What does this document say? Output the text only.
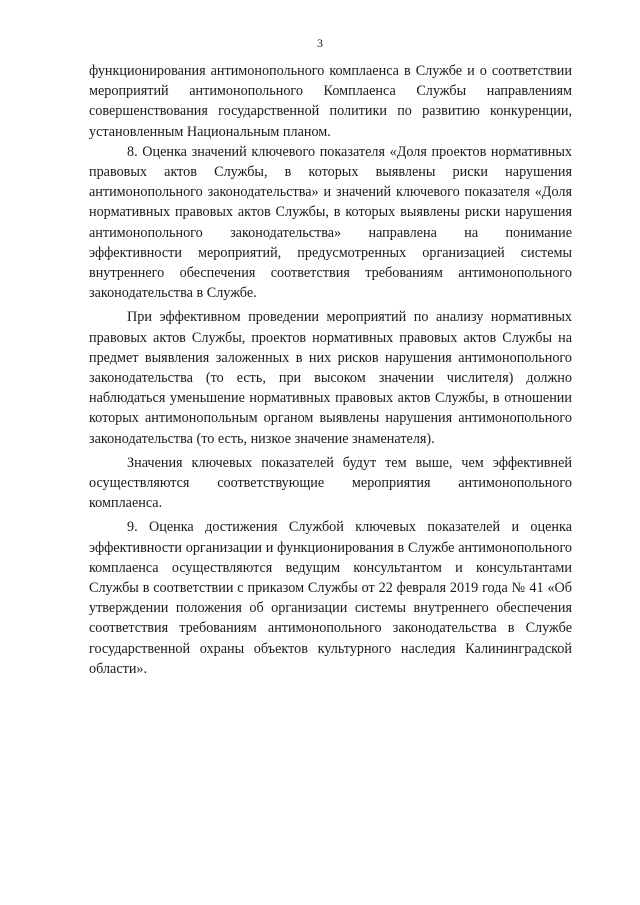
3

функционирования антимонопольного комплаенса в Службе и о соответствии мероприятий антимонопольного Комплаенса Службы направлениям совершенствования государственной политики по развитию конкуренции, установленным Национальным планом.

8. Оценка значений ключевого показателя «Доля проектов нормативных правовых актов Службы, в которых выявлены риски нарушения антимонопольного законодательства» и значений ключевого показателя «Доля нормативных правовых актов Службы, в которых выявлены риски нарушения антимонопольного законодательства» направлена на понимание эффективности мероприятий, предусмотренных организацией системы внутреннего обеспечения соответствия требованиям антимонопольного законодательства в Службе.

При эффективном проведении мероприятий по анализу нормативных правовых актов Службы, проектов нормативных правовых актов Службы на предмет выявления заложенных в них рисков нарушения антимонопольного законодательства (то есть, при высоком значении числителя) должно наблюдаться уменьшение нормативных правовых актов Службы, в отношении которых антимонопольным органом выявлены нарушения антимонопольного законодательства (то есть, низкое значение знаменателя).

Значения ключевых показателей будут тем выше, чем эффективней осуществляются соответствующие мероприятия антимонопольного комплаенса.

9. Оценка достижения Службой ключевых показателей и оценка эффективности организации и функционирования в Службе антимонопольного комплаенса осуществляются ведущим консультантом и консультантами Службы в соответствии с приказом Службы от 22 февраля 2019 года № 41 «Об утверждении положения об организации системы внутреннего обеспечения соответствия требованиям антимонопольного законодательства в Службе государственной охраны объектов культурного наследия Калининградской области».
